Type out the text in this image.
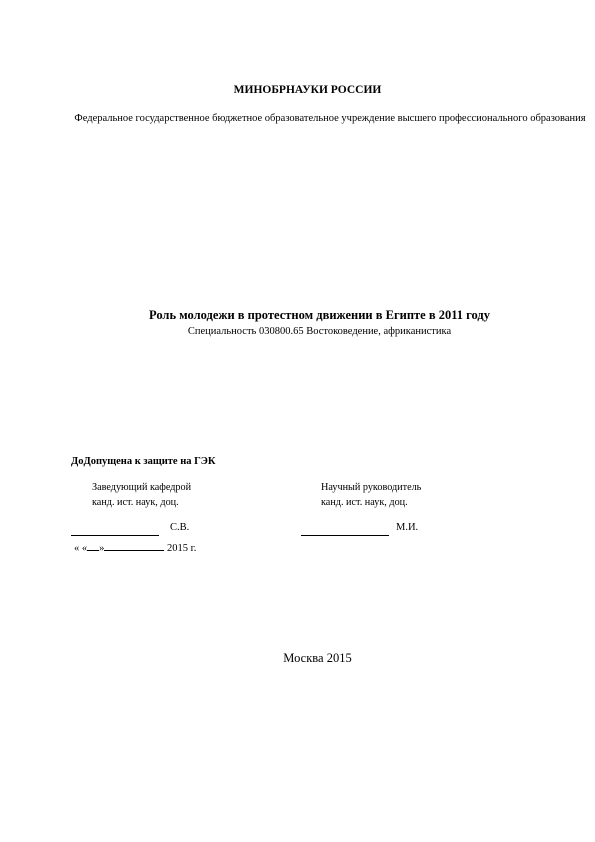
МИНОБРНАУКИ РОССИИ
Федеральное государственное бюджетное образовательное учреждение высшего профессионального образования
Роль молодежи в протестном движении в Египте в 2011 году
Специальность 030800.65 Востоковедение, африканистика
ДоДопущена к защите на ГЭК
Заведующий кафедрой
канд. ист. наук, доц.
Научный руководитель
канд. ист. наук, доц.
С.В.	М.И.
« « »	2015 г.
Москва 2015
